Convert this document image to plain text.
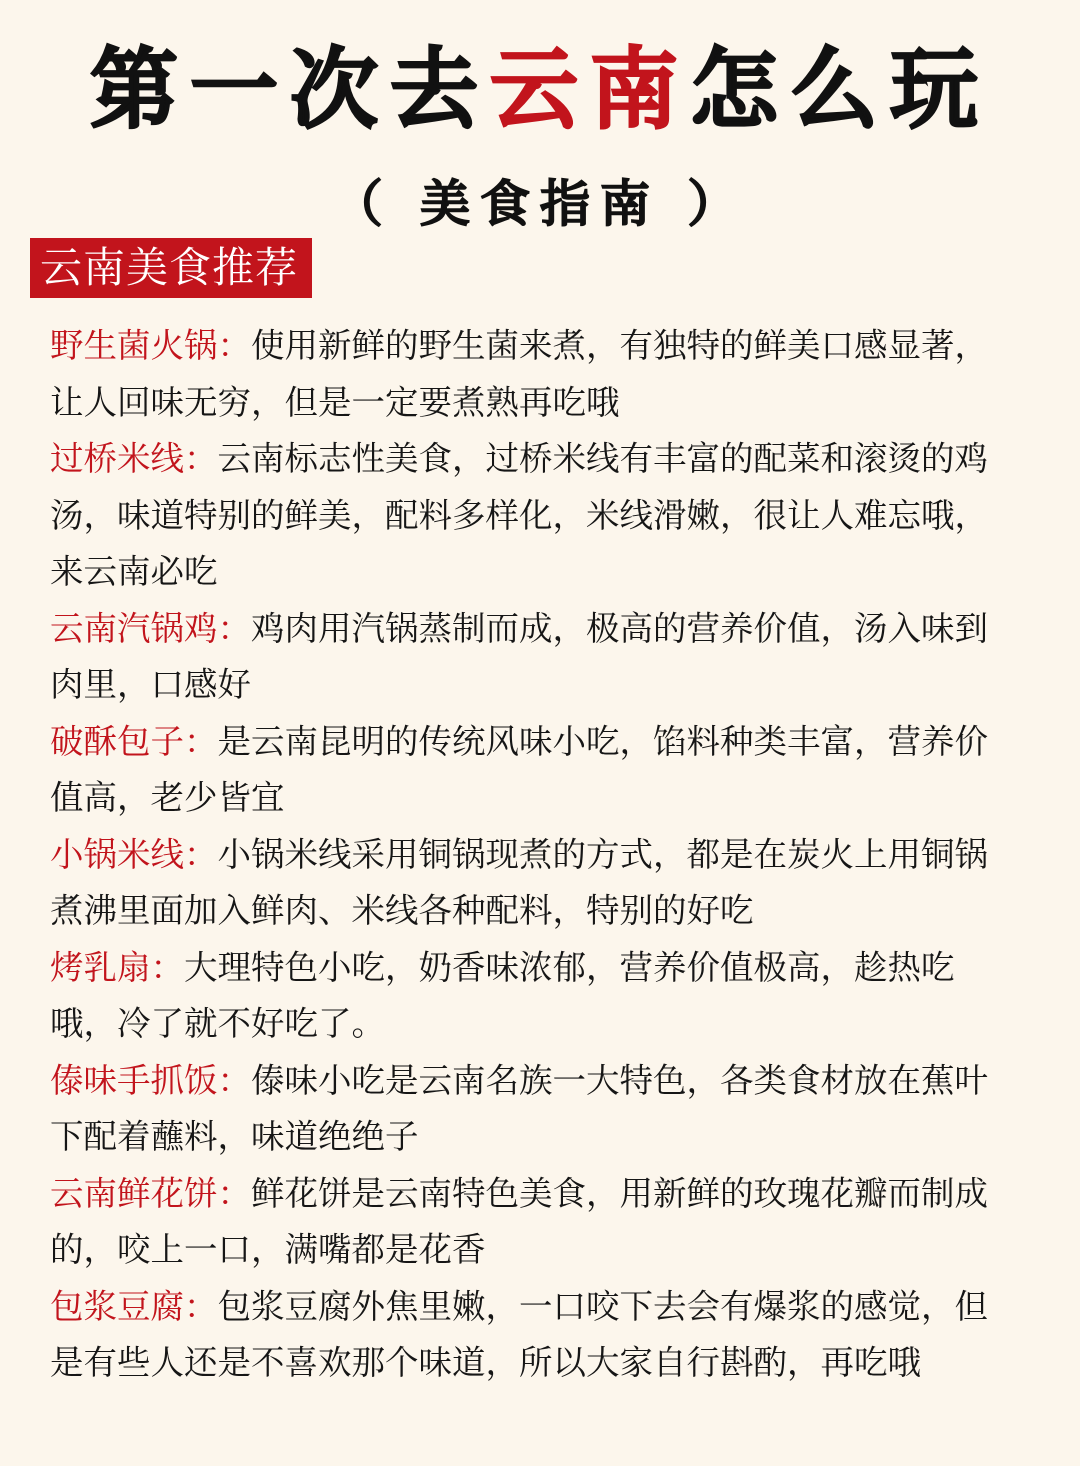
第一次去云南怎么玩
（ 美食指南 ）
云南美食推荐
野生菌火锅：使用新鲜的野生菌来煮，有独特的鲜美口感显著，让人回味无穷，但是一定要煮熟再吃哦
过桥米线：云南标志性美食，过桥米线有丰富的配菜和滚烫的鸡汤，味道特别的鲜美，配料多样化，米线滑嫩，很让人难忘哦，来云南必吃
云南汽锅鸡：鸡肉用汽锅蒸制而成，极高的营养价值，汤入味到肉里，口感好
破酥包子：是云南昆明的传统风味小吃，馅料种类丰富，营养价值高，老少皆宜
小锅米线：小锅米线采用铜锅现煮的方式，都是在炭火上用铜锅煮沸里面加入鲜肉、米线各种配料，特别的好吃
烤乳扇：大理特色小吃，奶香味浓郁，营养价值极高，趁热吃哦，冷了就不好吃了。
傣味手抓饭：傣味小吃是云南名族一大特色，各类食材放在蕉叶下配着蘸料，味道绝绝子
云南鲜花饼：鲜花饼是云南特色美食，用新鲜的玫瑰花瓣而制成的，咬上一口，满嘴都是花香
包浆豆腐：包浆豆腐外焦里嫩，一口咬下去会有爆浆的感觉，但是有些人还是不喜欢那个味道，所以大家自行斟酌，再吃哦
